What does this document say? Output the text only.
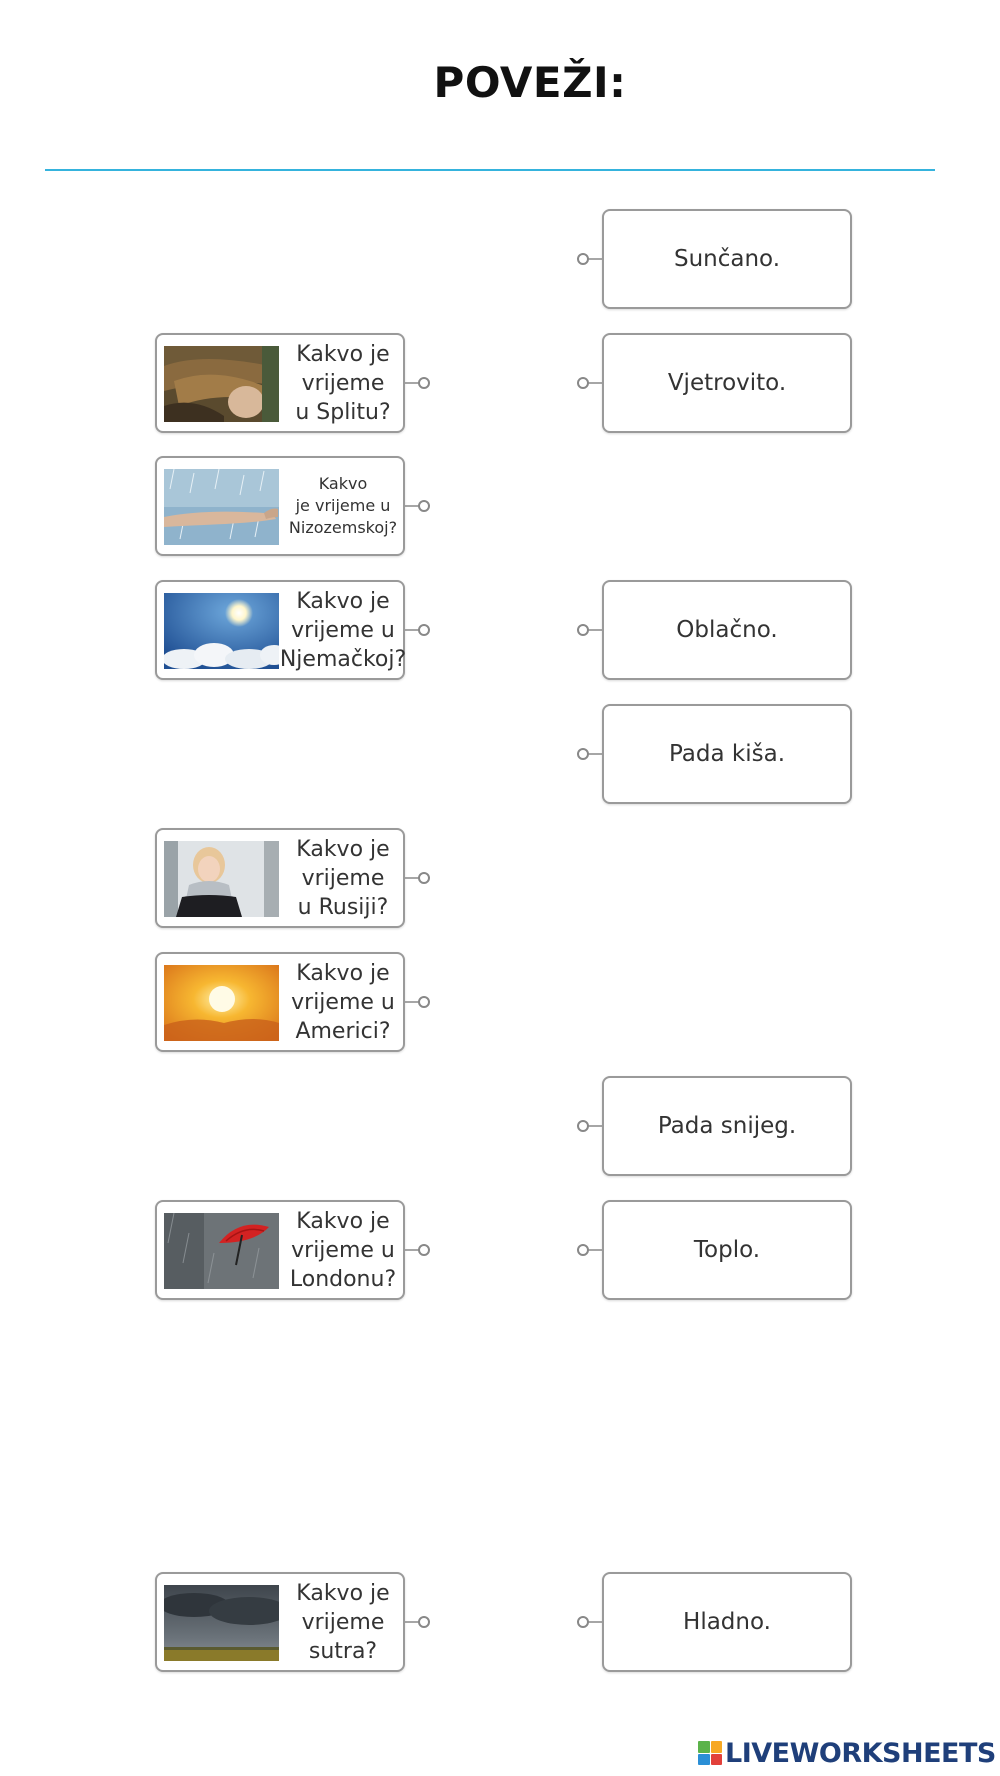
POVEŽI:
Kakvo je
vrijeme
u Splitu?
Kakvo
je vrijeme u
Nizozemskoj?
Kakvo je
vrijeme u
Njemačkoj?
Kakvo je
vrijeme
u Rusiji?
Kakvo je
vrijeme u
Americi?
Kakvo je
vrijeme u
Londonu?
Kakvo je
vrijeme
sutra?
Sunčano.
Vjetrovito.
Oblačno.
Pada kiša.
Pada snijeg.
Toplo.
Hladno.
LIVEWORKSHEETS
